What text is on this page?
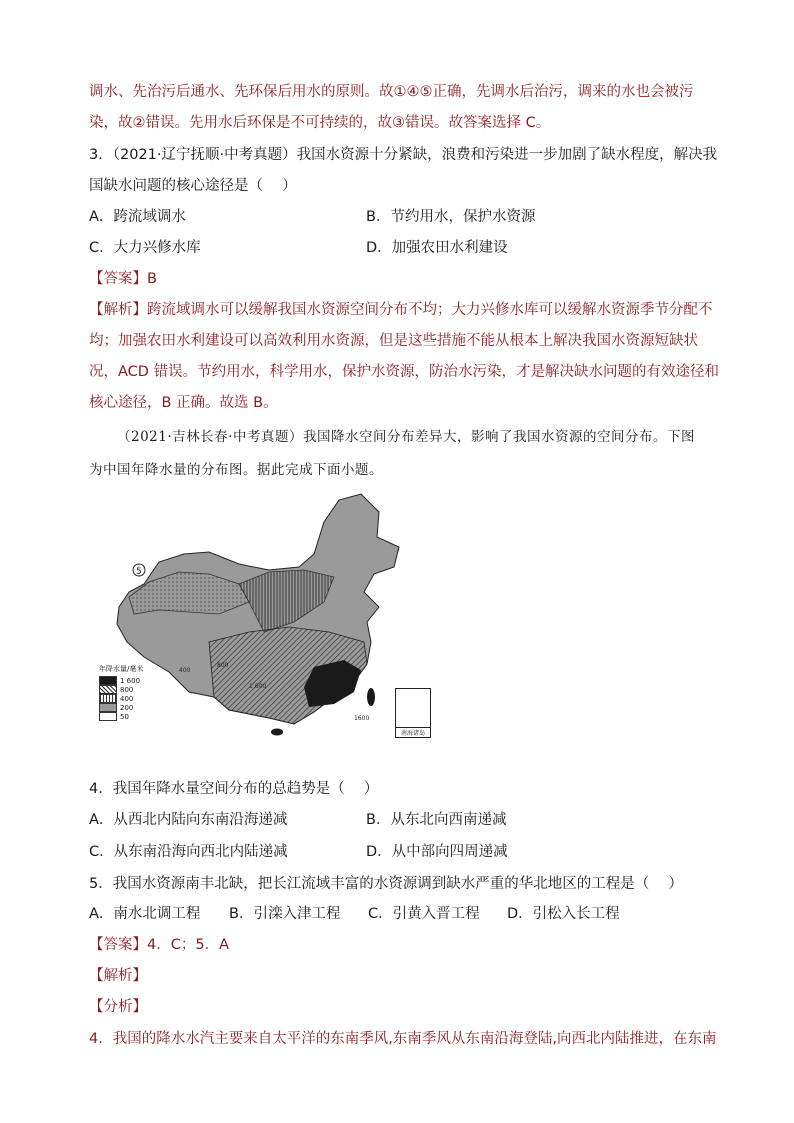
调水、先治污后通水、先环保后用水的原则。故①④⑤正确，先调水后治污，调来的水也会被污
染，故②错误。先用水后环保是不可持续的，故③错误。故答案选择 C。
3．（2021·辽宁抚顺·中考真题）我国水资源十分紧缺，浪费和污染进一步加剧了缺水程度，解决我
国缺水问题的核心途径是（　 ）
A．跨流域调水	B．节约用水，保护水资源
C．大力兴修水库	D．加强农田水利建设
【答案】B
【解析】跨流域调水可以缓解我国水资源空间分布不均；大力兴修水库可以缓解水资源季节分配不
均；加强农田水利建设可以高效利用水资源，但是这些措施不能从根本上解决我国水资源短缺状
况，ACD 错误。节约用水，科学用水，保护水资源，防治水污染，才是解决缺水问题的有效途径和
核心途径，B 正确。故选 B。
（2021·吉林长春·中考真题）我国降水空间分布差异大，影响了我国水资源的空间分布。下图
为中国年降水量的分布图。据此完成下面小题。
5
1 600
800
400
1600
年降水量/毫米
1 600
800
400
200
50
南海诸岛
4．我国年降水量空间分布的总趋势是（　 ）
A．从西北内陆向东南沿海递减	B．从东北向西南递减
C．从东南沿海向西北内陆递减	D．从中部向四周递减
5．我国水资源南丰北缺，把长江流域丰富的水资源调到缺水严重的华北地区的工程是（　 ）
A．南水北调工程 B．引滦入津工程 C．引黄入晋工程 D．引松入长工程
【答案】4．C；5．A
【解析】
【分析】
4．我国的降水水汽主要来自太平洋的东南季风,东南季风从东南沿海登陆,向西北内陆推进，在东南
